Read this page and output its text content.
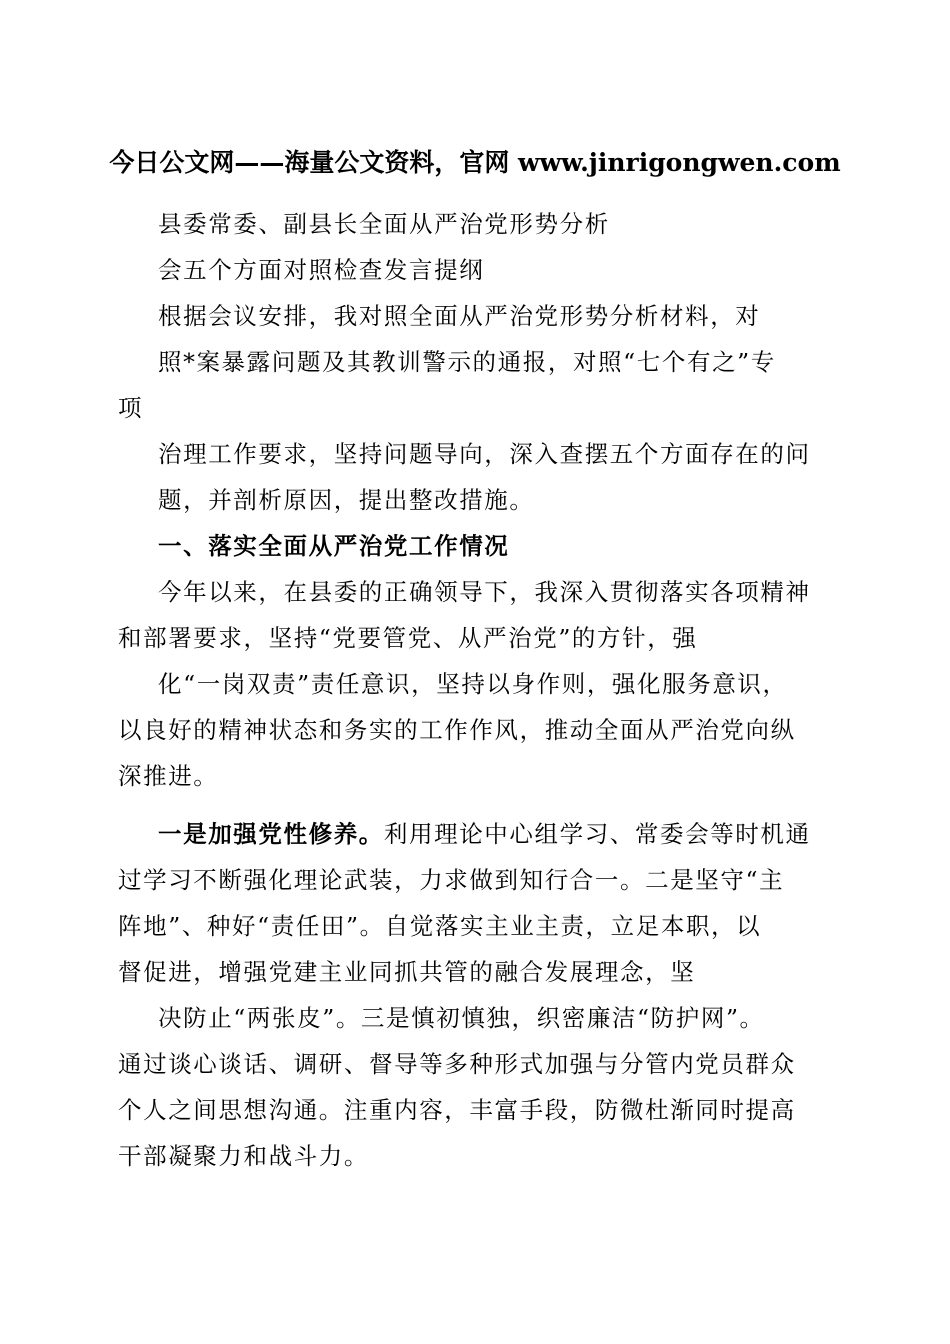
今日公文网——海量公文资料，官网 www.jinrigongwen.com
县委常委、副县长全面从严治党形势分析
会五个方面对照检查发言提纲
根据会议安排，我对照全面从严治党形势分析材料，对
照*案暴露问题及其教训警示的通报，对照“七个有之”专
项
治理工作要求，坚持问题导向，深入查摆五个方面存在的问
题，并剖析原因，提出整改措施。
一、落实全面从严治党工作情况
今年以来，在县委的正确领导下，我深入贯彻落实各项精神
和部署要求，坚持“党要管党、从严治党”的方针，强
化“一岗双责”责任意识，坚持以身作则，强化服务意识，
以良好的精神状态和务实的工作作风，推动全面从严治党向纵
深推进。
一是加强党性修养。利用理论中心组学习、常委会等时机通
过学习不断强化理论武装，力求做到知行合一。二是坚守“主
阵地”、种好“责任田”。自觉落实主业主责，立足本职，以
督促进，增强党建主业同抓共管的融合发展理念，坚
决防止“两张皮”。三是慎初慎独，织密廉洁“防护网”。
通过谈心谈话、调研、督导等多种形式加强与分管内党员群众
个人之间思想沟通。注重内容，丰富手段，防微杜渐同时提高
干部凝聚力和战斗力。
